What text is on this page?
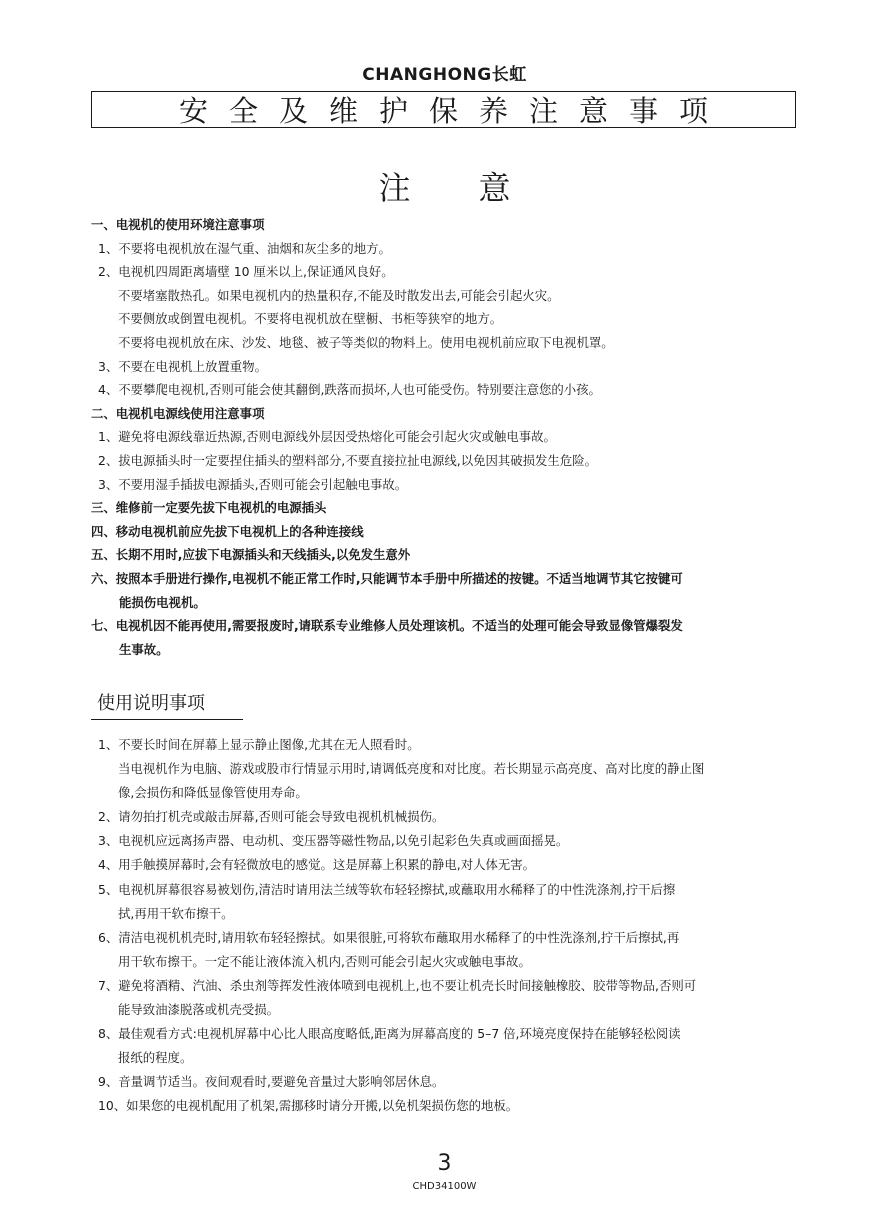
CHANGHONG长虹
安全及维护保养注意事项
注意
一、电视机的使用环境注意事项
1、不要将电视机放在湿气重、油烟和灰尘多的地方。
2、电视机四周距离墙壁 10 厘米以上,保证通风良好。
不要堵塞散热孔。如果电视机内的热量积存,不能及时散发出去,可能会引起火灾。
不要侧放或倒置电视机。不要将电视机放在壁橱、书柜等狭窄的地方。
不要将电视机放在床、沙发、地毯、被子等类似的物料上。使用电视机前应取下电视机罩。
3、不要在电视机上放置重物。
4、不要攀爬电视机,否则可能会使其翻倒,跌落而损坏,人也可能受伤。特别要注意您的小孩。
二、电视机电源线使用注意事项
1、避免将电源线靠近热源,否则电源线外层因受热熔化可能会引起火灾或触电事故。
2、拔电源插头时一定要捏住插头的塑料部分,不要直接拉扯电源线,以免因其破损发生危险。
3、不要用湿手插拔电源插头,否则可能会引起触电事故。
三、维修前一定要先拔下电视机的电源插头
四、移动电视机前应先拔下电视机上的各种连接线
五、长期不用时,应拔下电源插头和天线插头,以免发生意外
六、按照本手册进行操作,电视机不能正常工作时,只能调节本手册中所描述的按键。不适当地调节其它按键可
能损伤电视机。
七、电视机因不能再使用,需要报废时,请联系专业维修人员处理该机。不适当的处理可能会导致显像管爆裂发
生事故。
使用说明事项
1、不要长时间在屏幕上显示静止图像,尤其在无人照看时。
当电视机作为电脑、游戏或股市行情显示用时,请调低亮度和对比度。若长期显示高亮度、高对比度的静止图
像,会损伤和降低显像管使用寿命。
2、请勿拍打机壳或敲击屏幕,否则可能会导致电视机机械损伤。
3、电视机应远离扬声器、电动机、变压器等磁性物品,以免引起彩色失真或画面摇晃。
4、用手触摸屏幕时,会有轻微放电的感觉。这是屏幕上积累的静电,对人体无害。
5、电视机屏幕很容易被划伤,清洁时请用法兰绒等软布轻轻擦拭,或蘸取用水稀释了的中性洗涤剂,拧干后擦
拭,再用干软布擦干。
6、清洁电视机机壳时,请用软布轻轻擦拭。如果很脏,可将软布蘸取用水稀释了的中性洗涤剂,拧干后擦拭,再
用干软布擦干。一定不能让液体流入机内,否则可能会引起火灾或触电事故。
7、避免将酒精、汽油、杀虫剂等挥发性液体喷到电视机上,也不要让机壳长时间接触橡胶、胶带等物品,否则可
能导致油漆脱落或机壳受损。
8、最佳观看方式:电视机屏幕中心比人眼高度略低,距离为屏幕高度的 5–7 倍,环境亮度保持在能够轻松阅读
报纸的程度。
9、音量调节适当。夜间观看时,要避免音量过大影响邻居休息。
10、如果您的电视机配用了机架,需挪移时请分开搬,以免机架损伤您的地板。
3
CHD34100W
